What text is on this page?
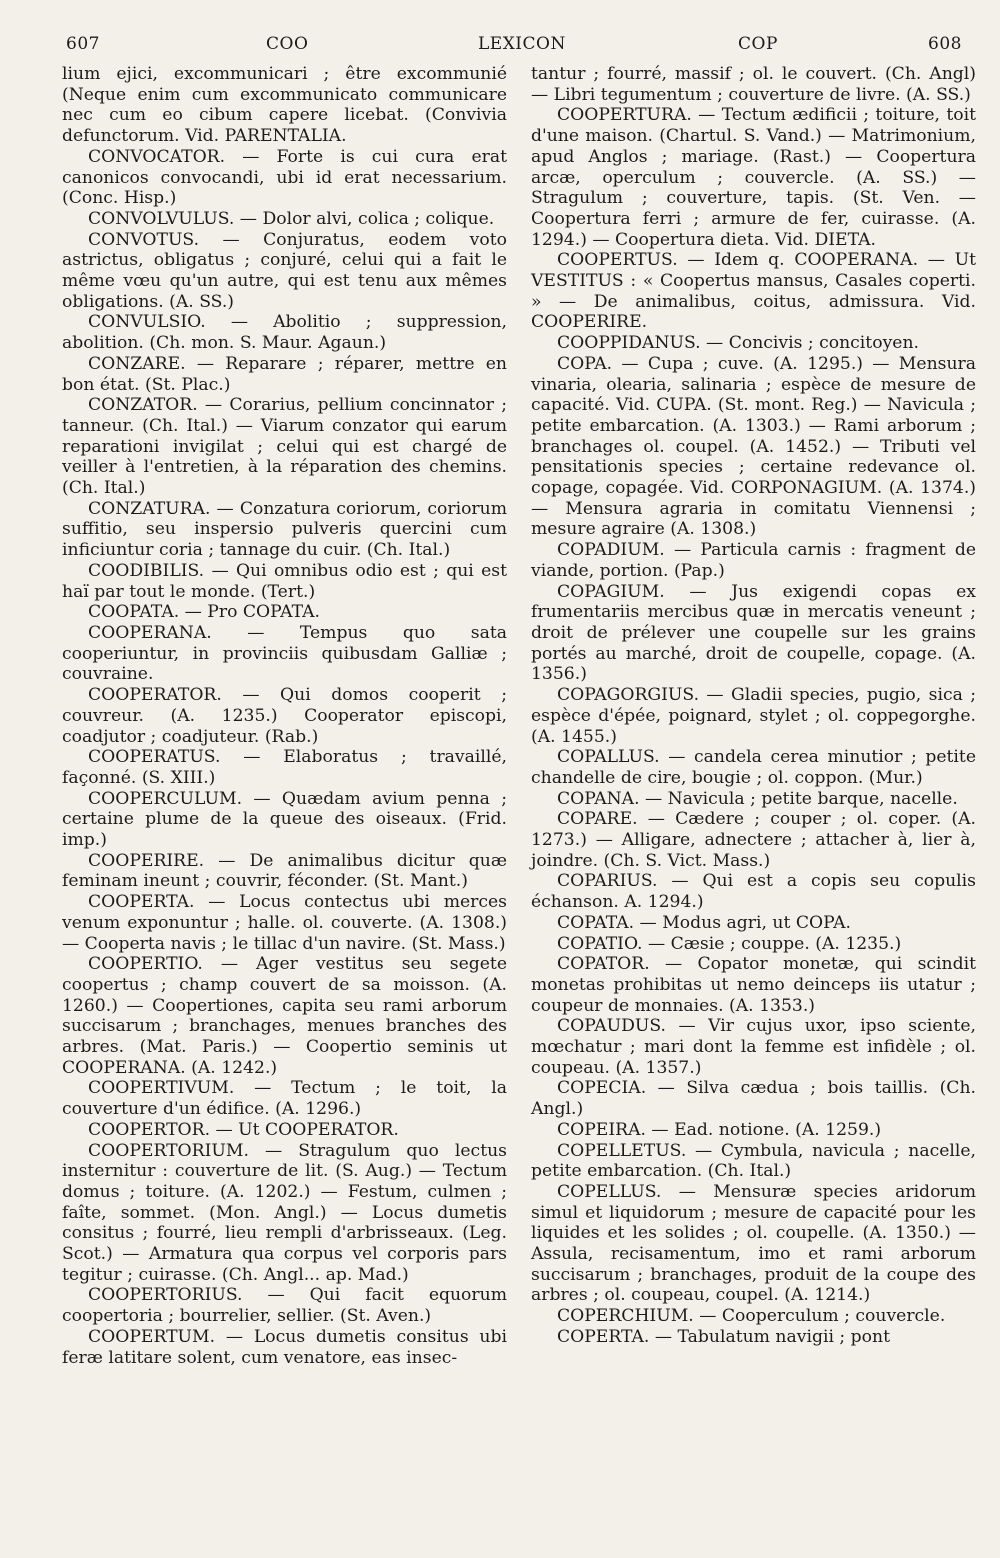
607	COO	LEXICON	COP	608

lium ejici, excommunicari ; être excommunié (Neque enim cum excommunicato communicare nec cum eo cibum capere licebat. (Convivia defunctorum. Vid. PARENTALIA.

CONVOCATOR. — Forte is cui cura erat canonicos convocandi, ubi id erat necessarium. (Conc. Hisp.)

CONVOLVULUS. — Dolor alvi, colica ; colique.

CONVOTUS. — Conjuratus, eodem voto astrictus, obligatus ; conjuré, celui qui a fait le même vœu qu'un autre, qui est tenu aux mêmes obligations. (A. SS.)

CONVULSIO. — Abolitio ; suppression, abolition. (Ch. mon. S. Maur. Agaun.)

CONZARE. — Reparare ; réparer, mettre en bon état. (St. Plac.)

CONZATOR. — Corarius, pellium concinnator ; tanneur. (Ch. Ital.) — Viarum conzator qui earum reparationi invigilat ; celui qui est chargé de veiller à l'entretien, à la réparation des chemins. (Ch. Ital.)

CONZATURA. — Conzatura coriorum, coriorum suffitio, seu inspersio pulveris quercini cum inficiuntur coria ; tannage du cuir. (Ch. Ital.)

COODIBILIS. — Qui omnibus odio est ; qui est haï par tout le monde. (Tert.)

COOPATA. — Pro COPATA.

COOPERANA. — Tempus quo sata cooperiuntur, in provinciis quibusdam Galliæ ; couvraine.

COOPERATOR. — Qui domos cooperit ; couvreur. (A. 1235.) Cooperator episcopi, coadjutor ; coadjuteur. (Rab.)

COOPERATUS. — Elaboratus ; travaillé, façonné. (S. XIII.)

COOPERCULUM. — Quædam avium penna ; certaine plume de la queue des oiseaux. (Frid. imp.)

COOPERIRE. — De animalibus dicitur quæ feminam ineunt ; couvrir, féconder. (St. Mant.)

COOPERTA. — Locus contectus ubi merces venum exponuntur ; halle. ol. couverte. (A. 1308.) — Cooperta navis ; le tillac d'un navire. (St. Mass.)

COOPERTIO. — Ager vestitus seu segete coopertus ; champ couvert de sa moisson. (A. 1260.) — Coopertiones, capita seu rami arborum succisarum ; branchages, menues branches des arbres. (Mat. Paris.) — Coopertio seminis ut COOPERANA. (A. 1242.)

COOPERTIVUM. — Tectum ; le toit, la couverture d'un édifice. (A. 1296.)

COOPERTOR. — Ut COOPERATOR.

COOPERTORIUM. — Stragulum quo lectus insternitur : couverture de lit. (S. Aug.) — Tectum domus ; toiture. (A. 1202.) — Festum, culmen ; faîte, sommet. (Mon. Angl.) — Locus dumetis consitus ; fourré, lieu rempli d'arbrisseaux. (Leg. Scot.) — Armatura qua corpus vel corporis pars tegitur ; cuirasse. (Ch. Angl... ap. Mad.)

COOPERTORIUS. — Qui facit equorum coopertoria ; bourrelier, sellier. (St. Aven.)

COOPERTUM. — Locus dumetis consitus ubi feræ latitare solent, cum venatore, eas insec-

tantur ; fourré, massif ; ol. le couvert. (Ch. Angl) — Libri tegumentum ; couverture de livre. (A. SS.)

COOPERTURA. — Tectum ædificii ; toiture, toit d'une maison. (Chartul. S. Vand.) — Matrimonium, apud Anglos ; mariage. (Rast.) — Coopertura arcæ, operculum ; couvercle. (A. SS.) — Stragulum ; couverture, tapis. (St. Ven. — Coopertura ferri ; armure de fer, cuirasse. (A. 1294.) — Coopertura dieta. Vid. DIETA.

COOPERTUS. — Idem q. COOPERANA. — Ut VESTITUS : « Coopertus mansus, Casales coperti. » — De animalibus, coitus, admissura. Vid. COOPERIRE.

COOPPIDANUS. — Concivis ; concitoyen.

COPA. — Cupa ; cuve. (A. 1295.) — Mensura vinaria, olearia, salinaria ; espèce de mesure de capacité. Vid. CUPA. (St. mont. Reg.) — Navicula ; petite embarcation. (A. 1303.) — Rami arborum ; branchages ol. coupel. (A. 1452.) — Tributi vel pensitationis species ; certaine redevance ol. copage, copagée. Vid. CORPONAGIUM. (A. 1374.) — Mensura agraria in comitatu Viennensi ; mesure agraire (A. 1308.)

COPADIUM. — Particula carnis : fragment de viande, portion. (Pap.)

COPAGIUM. — Jus exigendi copas ex frumentariis mercibus quæ in mercatis veneunt ; droit de prélever une coupelle sur les grains portés au marché, droit de coupelle, copage. (A. 1356.)

COPAGORGIUS. — Gladii species, pugio, sica ; espèce d'épée, poignard, stylet ; ol. coppegorghe. (A. 1455.)

COPALLUS. — candela cerea minutior ; petite chandelle de cire, bougie ; ol. coppon. (Mur.)

COPANA. — Navicula ; petite barque, nacelle.

COPARE. — Cædere ; couper ; ol. coper. (A. 1273.) — Alligare, adnectere ; attacher à, lier à, joindre. (Ch. S. Vict. Mass.)

COPARIUS. — Qui est a copis seu copulis échanson. A. 1294.)

COPATA. — Modus agri, ut COPA.

COPATIO. — Cæsie ; couppe. (A. 1235.)

COPATOR. — Copator monetæ, qui scindit monetas prohibitas ut nemo deinceps iis utatur ; coupeur de monnaies. (A. 1353.)

COPAUDUS. — Vir cujus uxor, ipso sciente, mœchatur ; mari dont la femme est infidèle ; ol. coupeau. (A. 1357.)

COPECIA. — Silva cædua ; bois taillis. (Ch. Angl.)

COPEIRA. — Ead. notione. (A. 1259.)

COPELLETUS. — Cymbula, navicula ; nacelle, petite embarcation. (Ch. Ital.)

COPELLUS. — Mensuræ species aridorum simul et liquidorum ; mesure de capacité pour les liquides et les solides ; ol. coupelle. (A. 1350.) — Assula, recisamentum, imo et rami arborum succisarum ; branchages, produit de la coupe des arbres ; ol. coupeau, coupel. (A. 1214.)

COPERCHIUM. — Cooperculum ; couvercle.

COPERTA. — Tabulatum navigii ; pont
